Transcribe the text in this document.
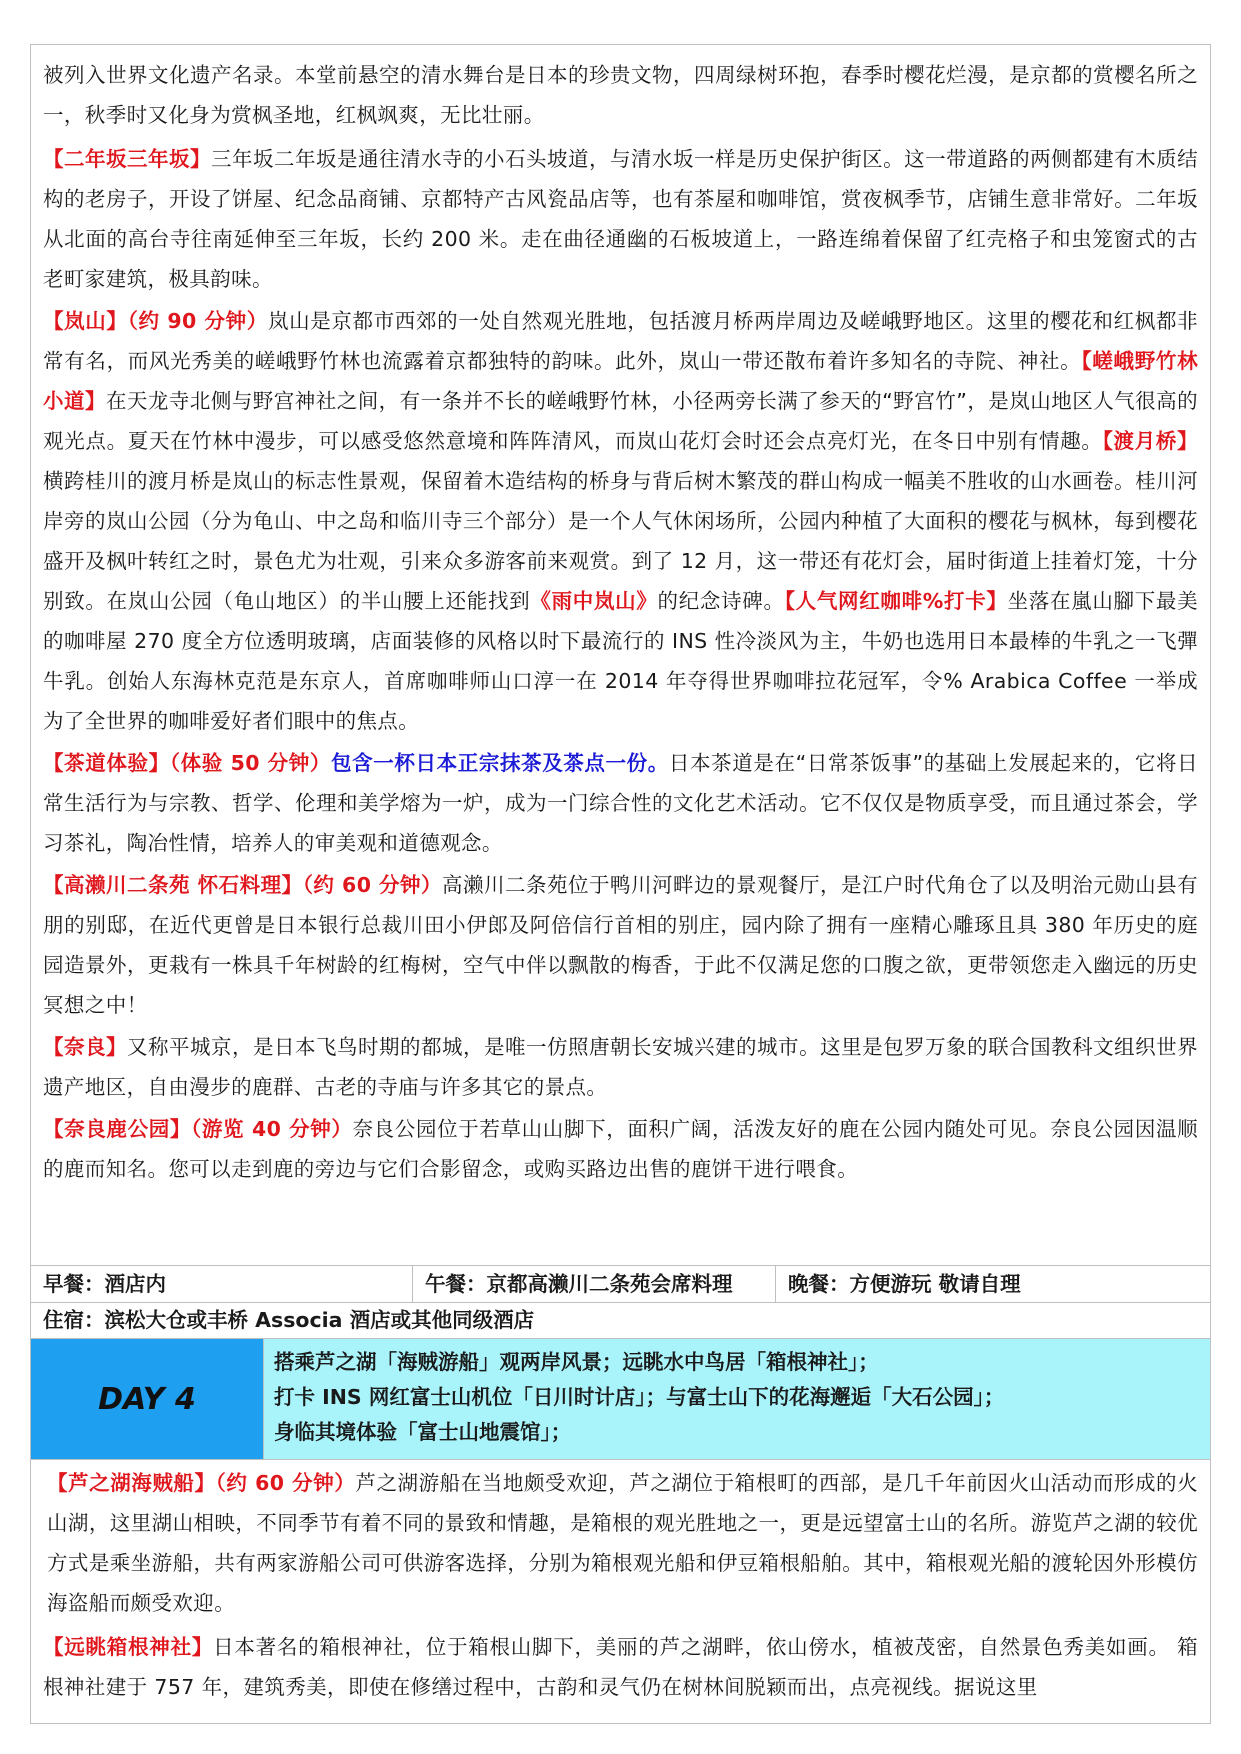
被列入世界文化遗产名录。本堂前悬空的清水舞台是日本的珍贵文物，四周绿树环抱，春季时樱花烂漫，是京都的赏樱名所之一，秋季时又化身为赏枫圣地，红枫飒爽，无比壮丽。

【二年坂三年坂】三年坂二年坂是通往清水寺的小石头坡道，与清水坂一样是历史保护街区。这一带道路的两侧都建有木质结构的老房子，开设了饼屋、纪念品商铺、京都特产古风瓷品店等，也有茶屋和咖啡馆，赏夜枫季节，店铺生意非常好。二年坂从北面的高台寺往南延伸至三年坂，长约 200 米。走在曲径通幽的石板坡道上，一路连绵着保留了红壳格子和虫笼窗式的古老町家建筑，极具韵味。

【岚山】（约 90 分钟）岚山是京都市西郊的一处自然观光胜地，包括渡月桥两岸周边及嵯峨野地区。这里的樱花和红枫都非常有名，而风光秀美的嵯峨野竹林也流露着京都独特的韵味。此外，岚山一带还散布着许多知名的寺院、神社。【嵯峨野竹林小道】在天龙寺北侧与野宫神社之间，有一条并不长的嵯峨野竹林，小径两旁长满了参天的“野宫竹”，是岚山地区人气很高的观光点。夏天在竹林中漫步，可以感受悠然意境和阵阵清风，而岚山花灯会时还会点亮灯光，在冬日中别有情趣。【渡月桥】横跨桂川的渡月桥是岚山的标志性景观，保留着木造结构的桥身与背后树木繁茂的群山构成一幅美不胜收的山水画卷。桂川河岸旁的岚山公园（分为龟山、中之岛和临川寺三个部分）是一个人气休闲场所，公园内种植了大面积的樱花与枫林，每到樱花盛开及枫叶转红之时，景色尤为壮观，引来众多游客前来观赏。到了 12 月，这一带还有花灯会，届时街道上挂着灯笼，十分别致。在岚山公园（龟山地区）的半山腰上还能找到《雨中岚山》的纪念诗碑。【人气网红咖啡%打卡】坐落在嵐山腳下最美的咖啡屋 270 度全方位透明玻璃，店面装修的风格以时下最流行的 INS 性冷淡风为主，牛奶也选用日本最棒的牛乳之一飞彈牛乳。创始人东海林克范是东京人，首席咖啡师山口淳一在 2014 年夺得世界咖啡拉花冠军，令% Arabica Coffee 一举成为了全世界的咖啡爱好者们眼中的焦点。

【茶道体验】（体验 50 分钟）包含一杯日本正宗抹茶及茶点一份。日本茶道是在“日常茶饭事”的基础上发展起来的，它将日常生活行为与宗教、哲学、伦理和美学熔为一炉，成为一门综合性的文化艺术活动。它不仅仅是物质享受，而且通过茶会，学习茶礼，陶冶性情，培养人的审美观和道德观念。

【高濑川二条苑 怀石料理】（约 60 分钟）高濑川二条苑位于鸭川河畔边的景观餐厅，是江户时代角仓了以及明治元勋山县有朋的别邸，在近代更曾是日本银行总裁川田小伊郎及阿倍信行首相的别庄，园内除了拥有一座精心雕琢且具 380 年历史的庭园造景外，更栽有一株具千年树龄的红梅树，空气中伴以飘散的梅香，于此不仅满足您的口腹之欲，更带领您走入幽远的历史冥想之中！

【奈良】又称平城京，是日本飞鸟时期的都城，是唯一仿照唐朝长安城兴建的城市。这里是包罗万象的联合国教科文组织世界遗产地区，自由漫步的鹿群、古老的寺庙与许多其它的景点。

【奈良鹿公园】（游览 40 分钟）奈良公园位于若草山山脚下，面积广阔，活泼友好的鹿在公园内随处可见。奈良公园因温顺的鹿而知名。您可以走到鹿的旁边与它们合影留念，或购买路边出售的鹿饼干进行喂食。

早餐：酒店内	午餐：京都高濑川二条苑会席料理	晚餐：方便游玩 敬请自理
住宿：滨松大仓或丰桥 Associa 酒店或其他同级酒店
DAY 4
搭乘芦之湖「海贼游船」观两岸风景；远眺水中鸟居「箱根神社」；
打卡 INS 网红富士山机位「日川时计店」；与富士山下的花海邂逅「大石公园」；
身临其境体验「富士山地震馆」；

【芦之湖海贼船】（约 60 分钟）芦之湖游船在当地颇受欢迎，芦之湖位于箱根町的西部，是几千年前因火山活动而形成的火山湖，这里湖山相映，不同季节有着不同的景致和情趣，是箱根的观光胜地之一，更是远望富士山的名所。游览芦之湖的较优方式是乘坐游船，共有两家游船公司可供游客选择，分别为箱根观光船和伊豆箱根船舶。其中，箱根观光船的渡轮因外形模仿海盗船而颇受欢迎。

【远眺箱根神社】日本著名的箱根神社，位于箱根山脚下，美丽的芦之湖畔，依山傍水，植被茂密，自然景色秀美如画。 箱根神社建于 757 年，建筑秀美，即使在修缮过程中，古韵和灵气仍在树林间脱颖而出，点亮视线。据说这里
